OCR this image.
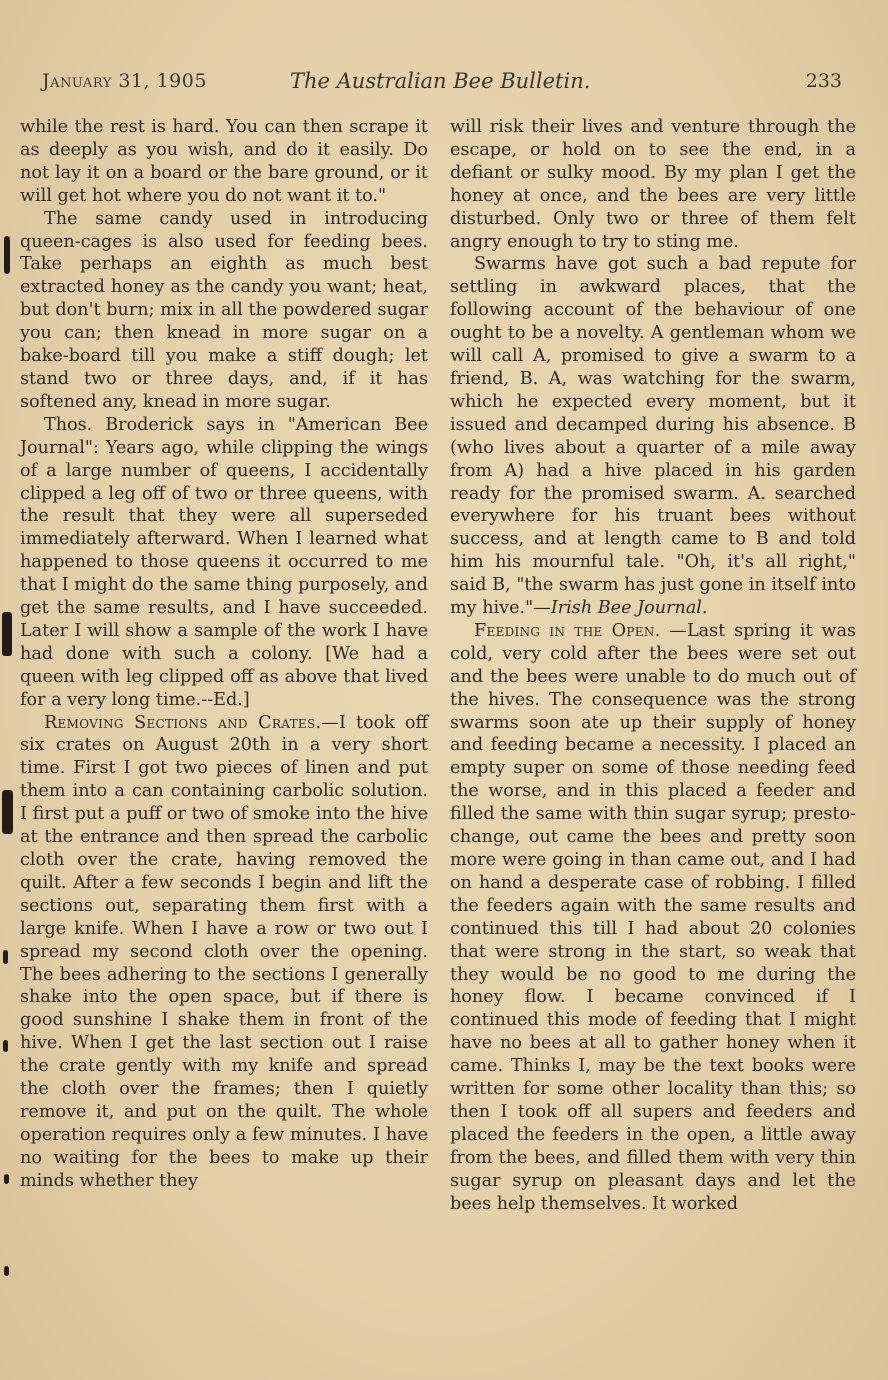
January 31, 1905	The Australian Bee Bulletin.	233

while the rest is hard. You can then scrape it as deeply as you wish, and do it easily. Do not lay it on a board or the bare ground, or it will get hot where you do not want it to."

The same candy used in introducing queen-cages is also used for feeding bees. Take perhaps an eighth as much best extracted honey as the candy you want; heat, but don't burn; mix in all the powdered sugar you can; then knead in more sugar on a bake-board till you make a stiff dough; let stand two or three days, and, if it has softened any, knead in more sugar.

Thos. Broderick says in "American Bee Journal": Years ago, while clipping the wings of a large number of queens, I accidentally clipped a leg off of two or three queens, with the result that they were all superseded immediately afterward. When I learned what happened to those queens it occurred to me that I might do the same thing purposely, and get the same results, and I have succeeded. Later I will show a sample of the work I have had done with such a colony. [We had a queen with leg clipped off as above that lived for a very long time.--Ed.]

Removing Sections and Crates.—I took off six crates on August 20th in a very short time. First I got two pieces of linen and put them into a can containing carbolic solution. I first put a puff or two of smoke into the hive at the entrance and then spread the carbolic cloth over the crate, having removed the quilt. After a few seconds I begin and lift the sections out, separating them first with a large knife. When I have a row or two out I spread my second cloth over the opening. The bees adhering to the sections I generally shake into the open space, but if there is good sunshine I shake them in front of the hive. When I get the last section out I raise the crate gently with my knife and spread the cloth over the frames; then I quietly remove it, and put on the quilt. The whole operation requires only a few minutes. I have no waiting for the bees to make up their minds whether they

will risk their lives and venture through the escape, or hold on to see the end, in a defiant or sulky mood. By my plan I get the honey at once, and the bees are very little disturbed. Only two or three of them felt angry enough to try to sting me.

Swarms have got such a bad repute for settling in awkward places, that the following account of the behaviour of one ought to be a novelty. A gentleman whom we will call A, promised to give a swarm to a friend, B. A, was watching for the swarm, which he expected every moment, but it issued and decamped during his absence. B (who lives about a quarter of a mile away from A) had a hive placed in his garden ready for the promised swarm. A. searched everywhere for his truant bees without success, and at length came to B and told him his mournful tale. "Oh, it's all right," said B, "the swarm has just gone in itself into my hive."—Irish Bee Journal.

Feeding in the Open. —Last spring it was cold, very cold after the bees were set out and the bees were unable to do much out of the hives. The consequence was the strong swarms soon ate up their supply of honey and feeding became a necessity. I placed an empty super on some of those needing feed the worse, and in this placed a feeder and filled the same with thin sugar syrup; presto-change, out came the bees and pretty soon more were going in than came out, and I had on hand a desperate case of robbing. I filled the feeders again with the same results and continued this till I had about 20 colonies that were strong in the start, so weak that they would be no good to me during the honey flow. I became convinced if I continued this mode of feeding that I might have no bees at all to gather honey when it came. Thinks I, may be the text books were written for some other locality than this; so then I took off all supers and feeders and placed the feeders in the open, a little away from the bees, and filled them with very thin sugar syrup on pleasant days and let the bees help themselves. It worked
